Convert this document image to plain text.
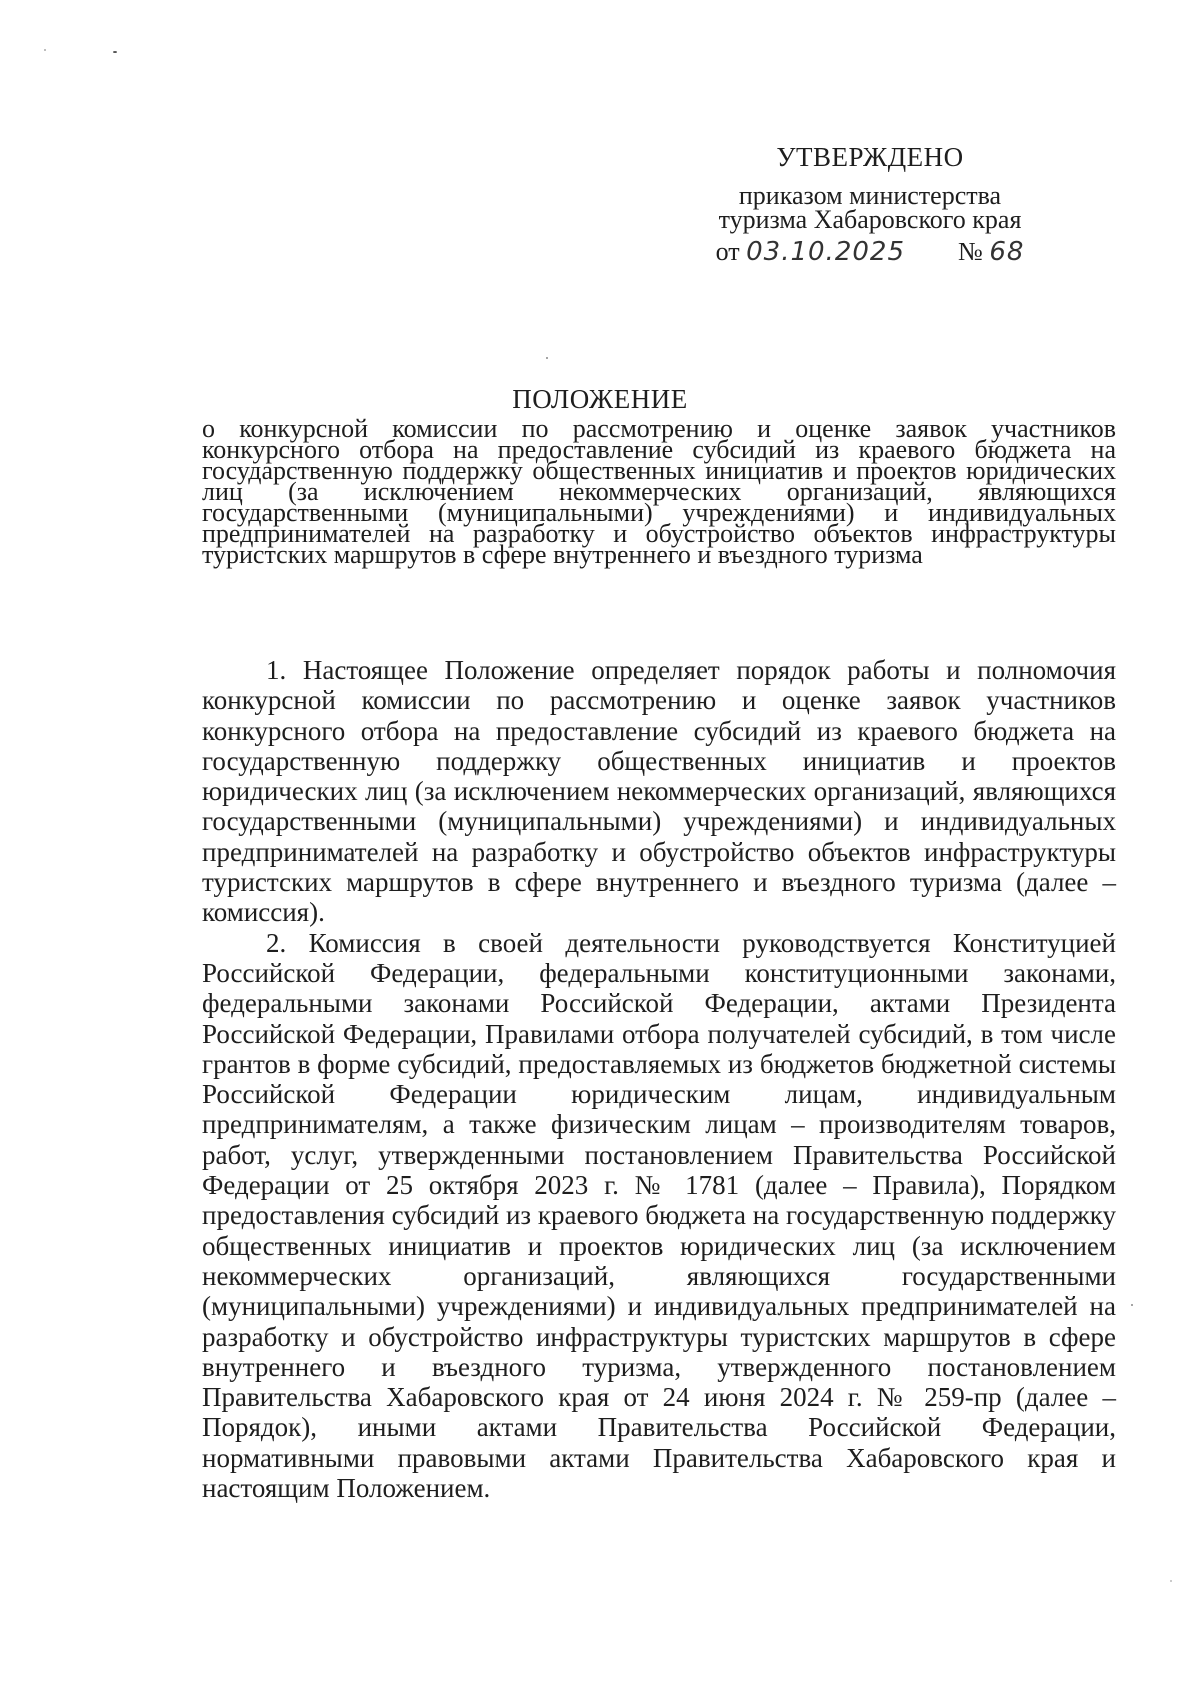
УТВЕРЖДЕНО
приказом министерства
туризма Хабаровского края
от 03.10.2025 № 68
ПОЛОЖЕНИЕ
о конкурсной комиссии по рассмотрению и оценке заявок участников конкурсного отбора на предоставление субсидий из краевого бюджета на государственную поддержку общественных инициатив и проектов юридических лиц (за исключением некоммерческих организаций, являющихся государственными (муниципальными) учреждениями) и индивидуальных предпринимателей на разработку и обустройство объектов инфраструктуры туристских маршрутов в сфере внутреннего и въездного туризма

1. Настоящее Положение определяет порядок работы и полномочия конкурсной комиссии по рассмотрению и оценке заявок участников конкурсного отбора на предоставление субсидий из краевого бюджета на государственную поддержку общественных инициатив и проектов юридических лиц (за исключением некоммерческих организаций, являющихся государственными (муниципальными) учреждениями) и индивидуальных предпринимателей на разработку и обустройство объектов инфраструктуры туристских маршрутов в сфере внутреннего и въездного туризма (далее – комиссия).

2. Комиссия в своей деятельности руководствуется Конституцией Российской Федерации, федеральными конституционными законами, федеральными законами Российской Федерации, актами Президента Российской Федерации, Правилами отбора получателей субсидий, в том числе грантов в форме субсидий, предоставляемых из бюджетов бюджетной системы Российской Федерации юридическим лицам, индивидуальным предпринимателям, а также физическим лицам – производителям товаров, работ, услуг, утвержденными постановлением Правительства Российской Федерации от 25 октября 2023 г. № 1781 (далее – Правила), Порядком предоставления субсидий из краевого бюджета на государственную поддержку общественных инициатив и проектов юридических лиц (за исключением некоммерческих организаций, являющихся государственными (муниципальными) учреждениями) и индивидуальных предпринимателей на разработку и обустройство инфраструктуры туристских маршрутов в сфере внутреннего и въездного туризма, утвержденного постановлением Правительства Хабаровского края от 24 июня 2024 г. № 259-пр (далее – Порядок), иными актами Правительства Российской Федерации, нормативными правовыми актами Правительства Хабаровского края и настоящим Положением.
